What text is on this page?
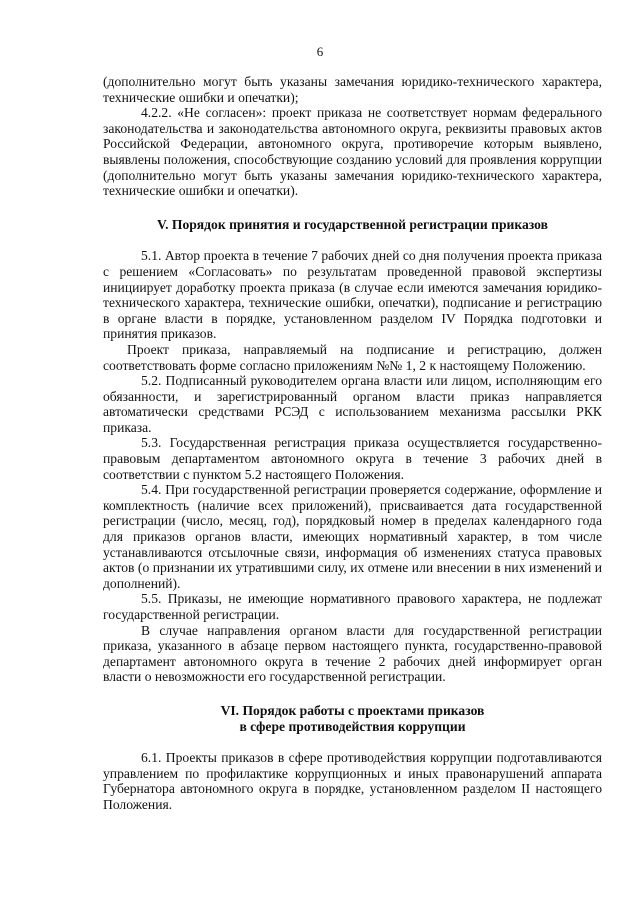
6

(дополнительно могут быть указаны замечания юридико-технического характера, технические ошибки и опечатки);

4.2.2. «Не согласен»: проект приказа не соответствует нормам федерального законодательства и законодательства автономного округа, реквизиты правовых актов Российской Федерации, автономного округа, противоречие которым выявлено, выявлены положения, способствующие созданию условий для проявления коррупции (дополнительно могут быть указаны замечания юридико-технического характера, технические ошибки и опечатки).

V. Порядок принятия и государственной регистрации приказов

5.1. Автор проекта в течение 7 рабочих дней со дня получения проекта приказа с решением «Согласовать» по результатам проведенной правовой экспертизы инициирует доработку проекта приказа (в случае если имеются замечания юридико-технического характера, технические ошибки, опечатки), подписание и регистрацию в органе власти в порядке, установленном разделом IV Порядка подготовки и принятия приказов.

Проект приказа, направляемый на подписание и регистрацию, должен соответствовать форме согласно приложениям №№ 1, 2 к настоящему Положению.

5.2. Подписанный руководителем органа власти или лицом, исполняющим его обязанности, и зарегистрированный органом власти приказ направляется автоматически средствами РСЭД с использованием механизма рассылки РКК приказа.

5.3. Государственная регистрация приказа осуществляется государственно-правовым департаментом автономного округа в течение 3 рабочих дней в соответствии с пунктом 5.2 настоящего Положения.

5.4. При государственной регистрации проверяется содержание, оформление и комплектность (наличие всех приложений), присваивается дата государственной регистрации (число, месяц, год), порядковый номер в пределах календарного года для приказов органов власти, имеющих нормативный характер, в том числе устанавливаются отсылочные связи, информация об изменениях статуса правовых актов (о признании их утратившими силу, их отмене или внесении в них изменений и дополнений).

5.5. Приказы, не имеющие нормативного правового характера, не подлежат государственной регистрации.

В случае направления органом власти для государственной регистрации приказа, указанного в абзаце первом настоящего пункта, государственно-правовой департамент автономного округа в течение 2 рабочих дней информирует орган власти о невозможности его государственной регистрации.

VI. Порядок работы с проектами приказов

в сфере противодействия коррупции

6.1. Проекты приказов в сфере противодействия коррупции подготавливаются управлением по профилактике коррупционных и иных правонарушений аппарата Губернатора автономного округа в порядке, установленном разделом II настоящего Положения.
